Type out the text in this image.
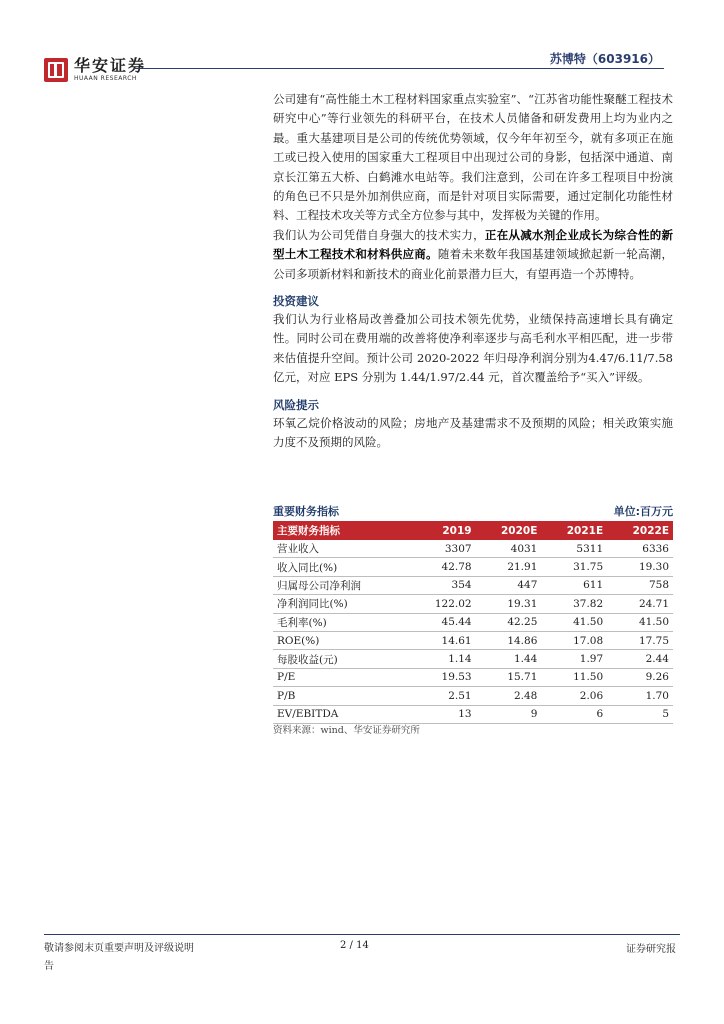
华安证券
HUAAN RESEARCH
苏博特（603916）

公司建有“高性能土木工程材料国家重点实验室”、“江苏省功能性聚醚工程技术研究中心”等行业领先的科研平台，在技术人员储备和研发费用上均为业内之最。重大基建项目是公司的传统优势领域，仅今年年初至今，就有多项正在施工或已投入使用的国家重大工程项目中出现过公司的身影，包括深中通道、南京长江第五大桥、白鹤滩水电站等。我们注意到，公司在许多工程项目中扮演的角色已不只是外加剂供应商，而是针对项目实际需要，通过定制化功能性材料、工程技术攻关等方式全方位参与其中，发挥极为关键的作用。

我们认为公司凭借自身强大的技术实力，正在从减水剂企业成长为综合性的新型土木工程技术和材料供应商。随着未来数年我国基建领域掀起新一轮高潮，公司多项新材料和新技术的商业化前景潜力巨大，有望再造一个苏博特。

投资建议

我们认为行业格局改善叠加公司技术领先优势，业绩保持高速增长具有确定性。同时公司在费用端的改善将使净利率逐步与高毛利水平相匹配，进一步带来估值提升空间。预计公司 2020-2022 年归母净利润分别为4.47/6.11/7.58 亿元，对应 EPS 分别为 1.44/1.97/2.44 元，首次覆盖给予“买入”评级。

风险提示

环氧乙烷价格波动的风险；房地产及基建需求不及预期的风险；相关政策实施力度不及预期的风险。

重要财务指标	单位:百万元
主要财务指标	2019	2020E	2021E	2022E
营业收入	3307	4031	5311	6336
收入同比(%)	42.78	21.91	31.75	19.30
归属母公司净利润	354	447	611	758
净利润同比(%)	122.02	19.31	37.82	24.71
毛利率(%)	45.44	42.25	41.50	41.50
ROE(%)	14.61	14.86	17.08	17.75
每股收益(元)	1.14	1.44	1.97	2.44
P/E	19.53	15.71	11.50	9.26
P/B	2.51	2.48	2.06	1.70
EV/EBITDA	13	9	6	5
资料来源：wind、华安证券研究所
敬请参阅末页重要声明及评级说明
告
2 / 14	证券研究报
